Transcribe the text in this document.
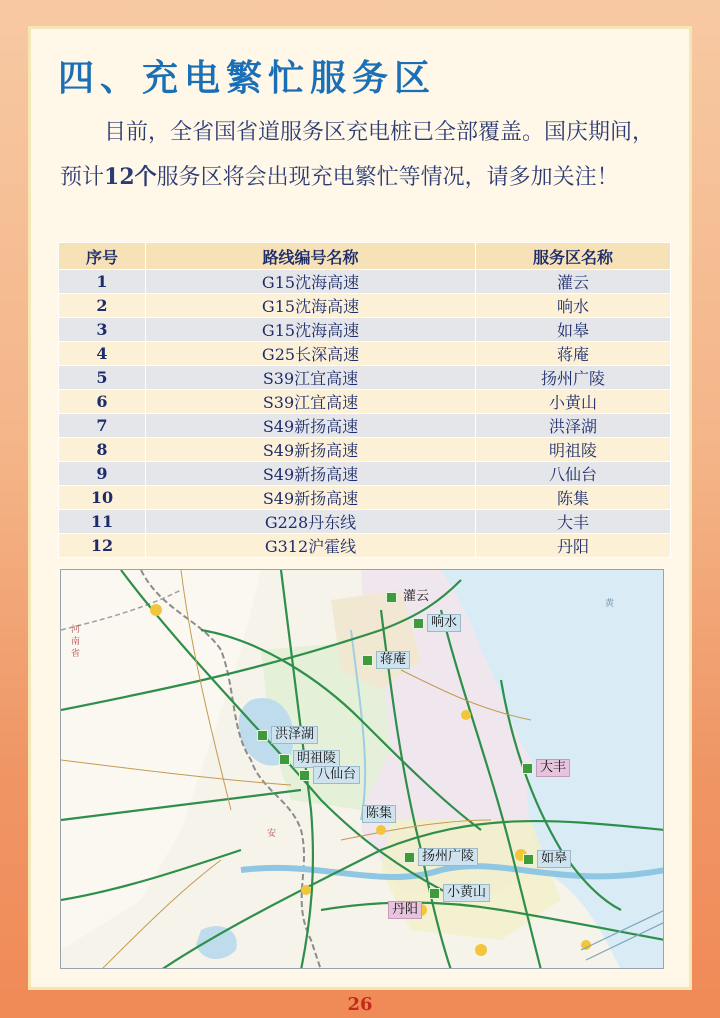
四、充电繁忙服务区

目前，全省国省道服务区充电桩已全部覆盖。国庆期间，预计12个服务区将会出现充电繁忙等情况，请多加关注！

序号	路线编号名称	服务区名称
1	G15沈海高速	灌云
2	G15沈海高速	响水
3	G15沈海高速	如皋
4	G25长深高速	蒋庵
5	S39江宜高速	扬州广陵
6	S39江宜高速	小黄山
7	S49新扬高速	洪泽湖
8	S49新扬高速	明祖陵
9	S49新扬高速	八仙台
10	S49新扬高速	陈集
11	G228丹东线	大丰
12	G312沪霍线	丹阳
河
南
省
黄
安
灌云
响水
蒋庵
洪泽湖
明祖陵
八仙台	大丰
陈集
扬州广陵	如皋
小黄山
丹阳
26
